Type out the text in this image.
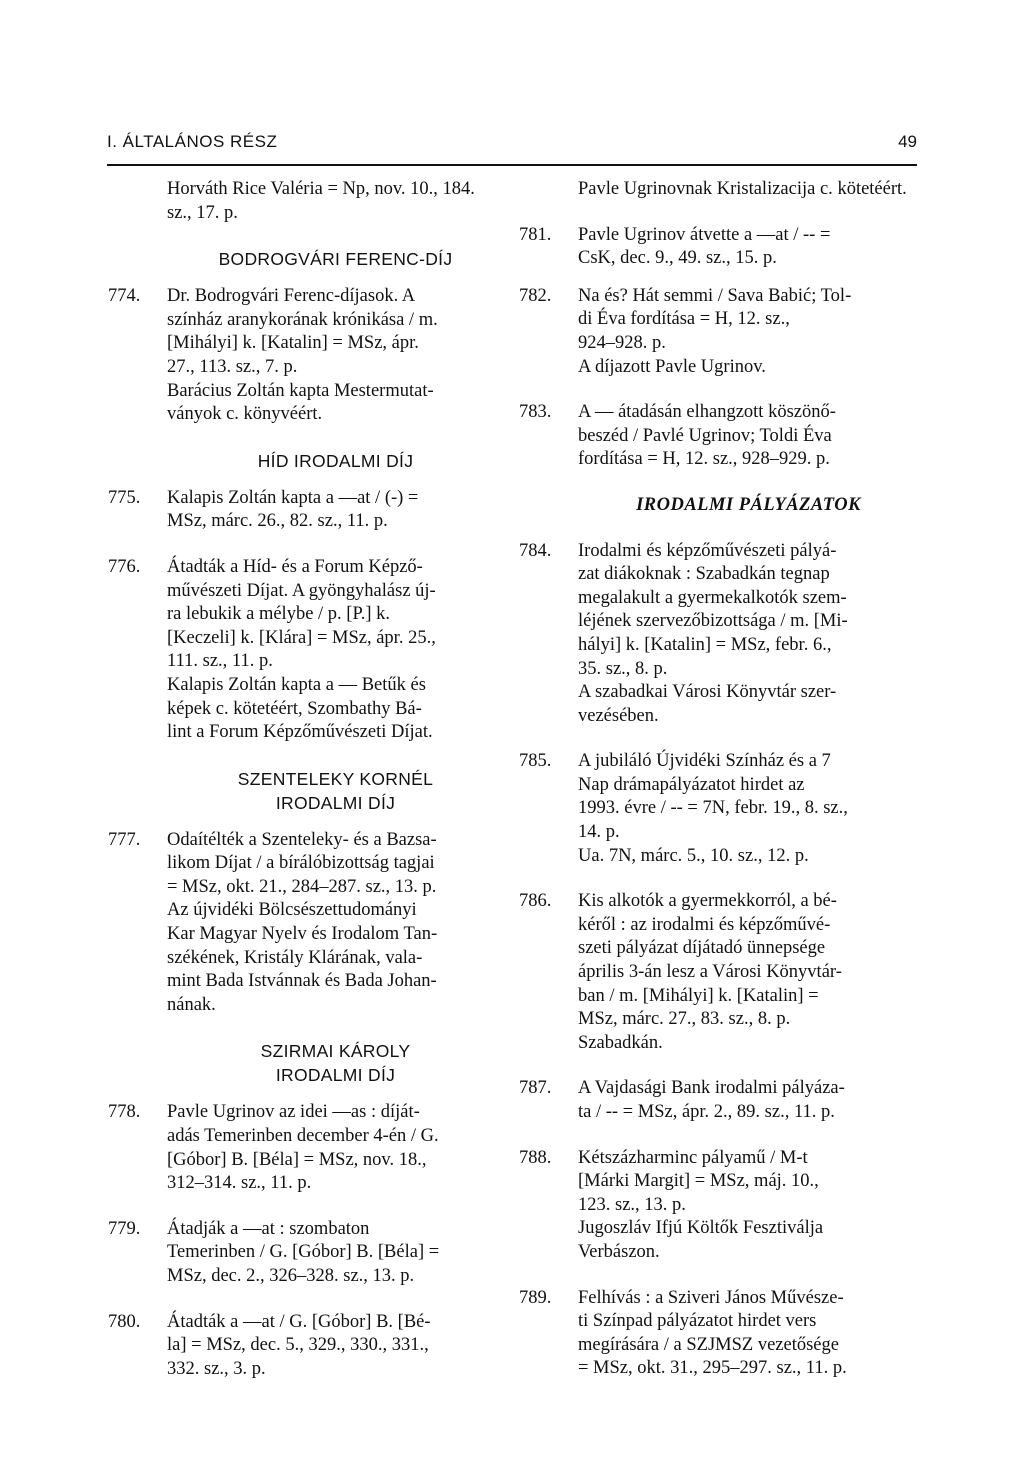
I. ÁLTALÁNOS RÉSZ	49
Horváth Rice Valéria = Np, nov. 10., 184. sz., 17. p.
BODROGVÁRI FERENC-DÍJ
774. Dr. Bodrogvári Ferenc-díjasok. A
színház aranykorának krónikása / m.
[Mihályi] k. [Katalin] = MSz, ápr.
27., 113. sz., 7. p.
Barácius Zoltán kapta Mestermutat-
ványok c. könyvéért.
HÍD IRODALMI DÍJ
775. Kalapis Zoltán kapta a —at / (-) =
MSz, márc. 26., 82. sz., 11. p.
776. Átadták a Híd- és a Forum Képző-
művészeti Díjat. A gyöngyhalász új-
ra lebukik a mélybe / p. [P.] k.
[Keczeli] k. [Klára] = MSz, ápr. 25.,
111. sz., 11. p.
Kalapis Zoltán kapta a — Betűk és
képek c. kötetéért, Szombathy Bá-
lint a Forum Képzőművészeti Díjat.
SZENTELEKY KORNÉL
IRODALMI DÍJ
777. Odaítélték a Szenteleky- és a Bazsa-
likom Díjat / a bírálóbizottság tagjai
= MSz, okt. 21., 284–287. sz., 13. p.
Az újvidéki Bölcsészettudományi
Kar Magyar Nyelv és Irodalom Tan-
székének, Kristály Klárának, vala-
mint Bada Istvánnak és Bada Johan-
nának.
SZIRMAI KÁROLY
IRODALMI DÍJ
778. Pavle Ugrinov az idei —as : díját-
adás Temerinben december 4-én / G.
[Góbor] B. [Béla] = MSz, nov. 18.,
312–314. sz., 11. p.
779. Átadják a —at : szombaton
Temerinben / G. [Góbor] B. [Béla] =
MSz, dec. 2., 326–328. sz., 13. p.
780. Átadták a —at / G. [Góbor] B. [Bé-
la] = MSz, dec. 5., 329., 330., 331.,
332. sz., 3. p.
Pavle Ugrinovnak Kristalizacija c. kötetéért.
781. Pavle Ugrinov átvette a —at / -- =
CsK, dec. 9., 49. sz., 15. p.
782. Na és? Hát semmi / Sava Babić; Tol-
di Éva fordítása = H, 12. sz.,
924–928. p.
A díjazott Pavle Ugrinov.
783. A — átadásán elhangzott köszönő-
beszéd / Pavlé Ugrinov; Toldi Éva
fordítása = H, 12. sz., 928–929. p.
IRODALMI PÁLYÁZATOK
784. Irodalmi és képzőművészeti pályá-
zat diákoknak : Szabadkán tegnap
megalakult a gyermekalkotók szem-
léjének szervezőbizottsága / m. [Mi-
hályi] k. [Katalin] = MSz, febr. 6.,
35. sz., 8. p.
A szabadkai Városi Könyvtár szer-
vezésében.
785. A jubiláló Újvidéki Színház és a 7
Nap drámapályázatot hirdet az
1993. évre / -- = 7N, febr. 19., 8. sz.,
14. p.
Ua. 7N, márc. 5., 10. sz., 12. p.
786. Kis alkotók a gyermekkorról, a bé-
kéről : az irodalmi és képzőművé-
szeti pályázat díjátadó ünnepsége
április 3-án lesz a Városi Könyvtár-
ban / m. [Mihályi] k. [Katalin] =
MSz, márc. 27., 83. sz., 8. p.
Szabadkán.
787. A Vajdasági Bank irodalmi pályáza-
ta / -- = MSz, ápr. 2., 89. sz., 11. p.
788. Kétszázharminc pályamű / M-t
[Márki Margit] = MSz, máj. 10.,
123. sz., 13. p.
Jugoszláv Ifjú Költők Fesztiválja
Verbászon.
789. Felhívás : a Sziveri János Művésze-
ti Színpad pályázatot hirdet vers
megírására / a SZJMSZ vezetősége
= MSz, okt. 31., 295–297. sz., 11. p.
